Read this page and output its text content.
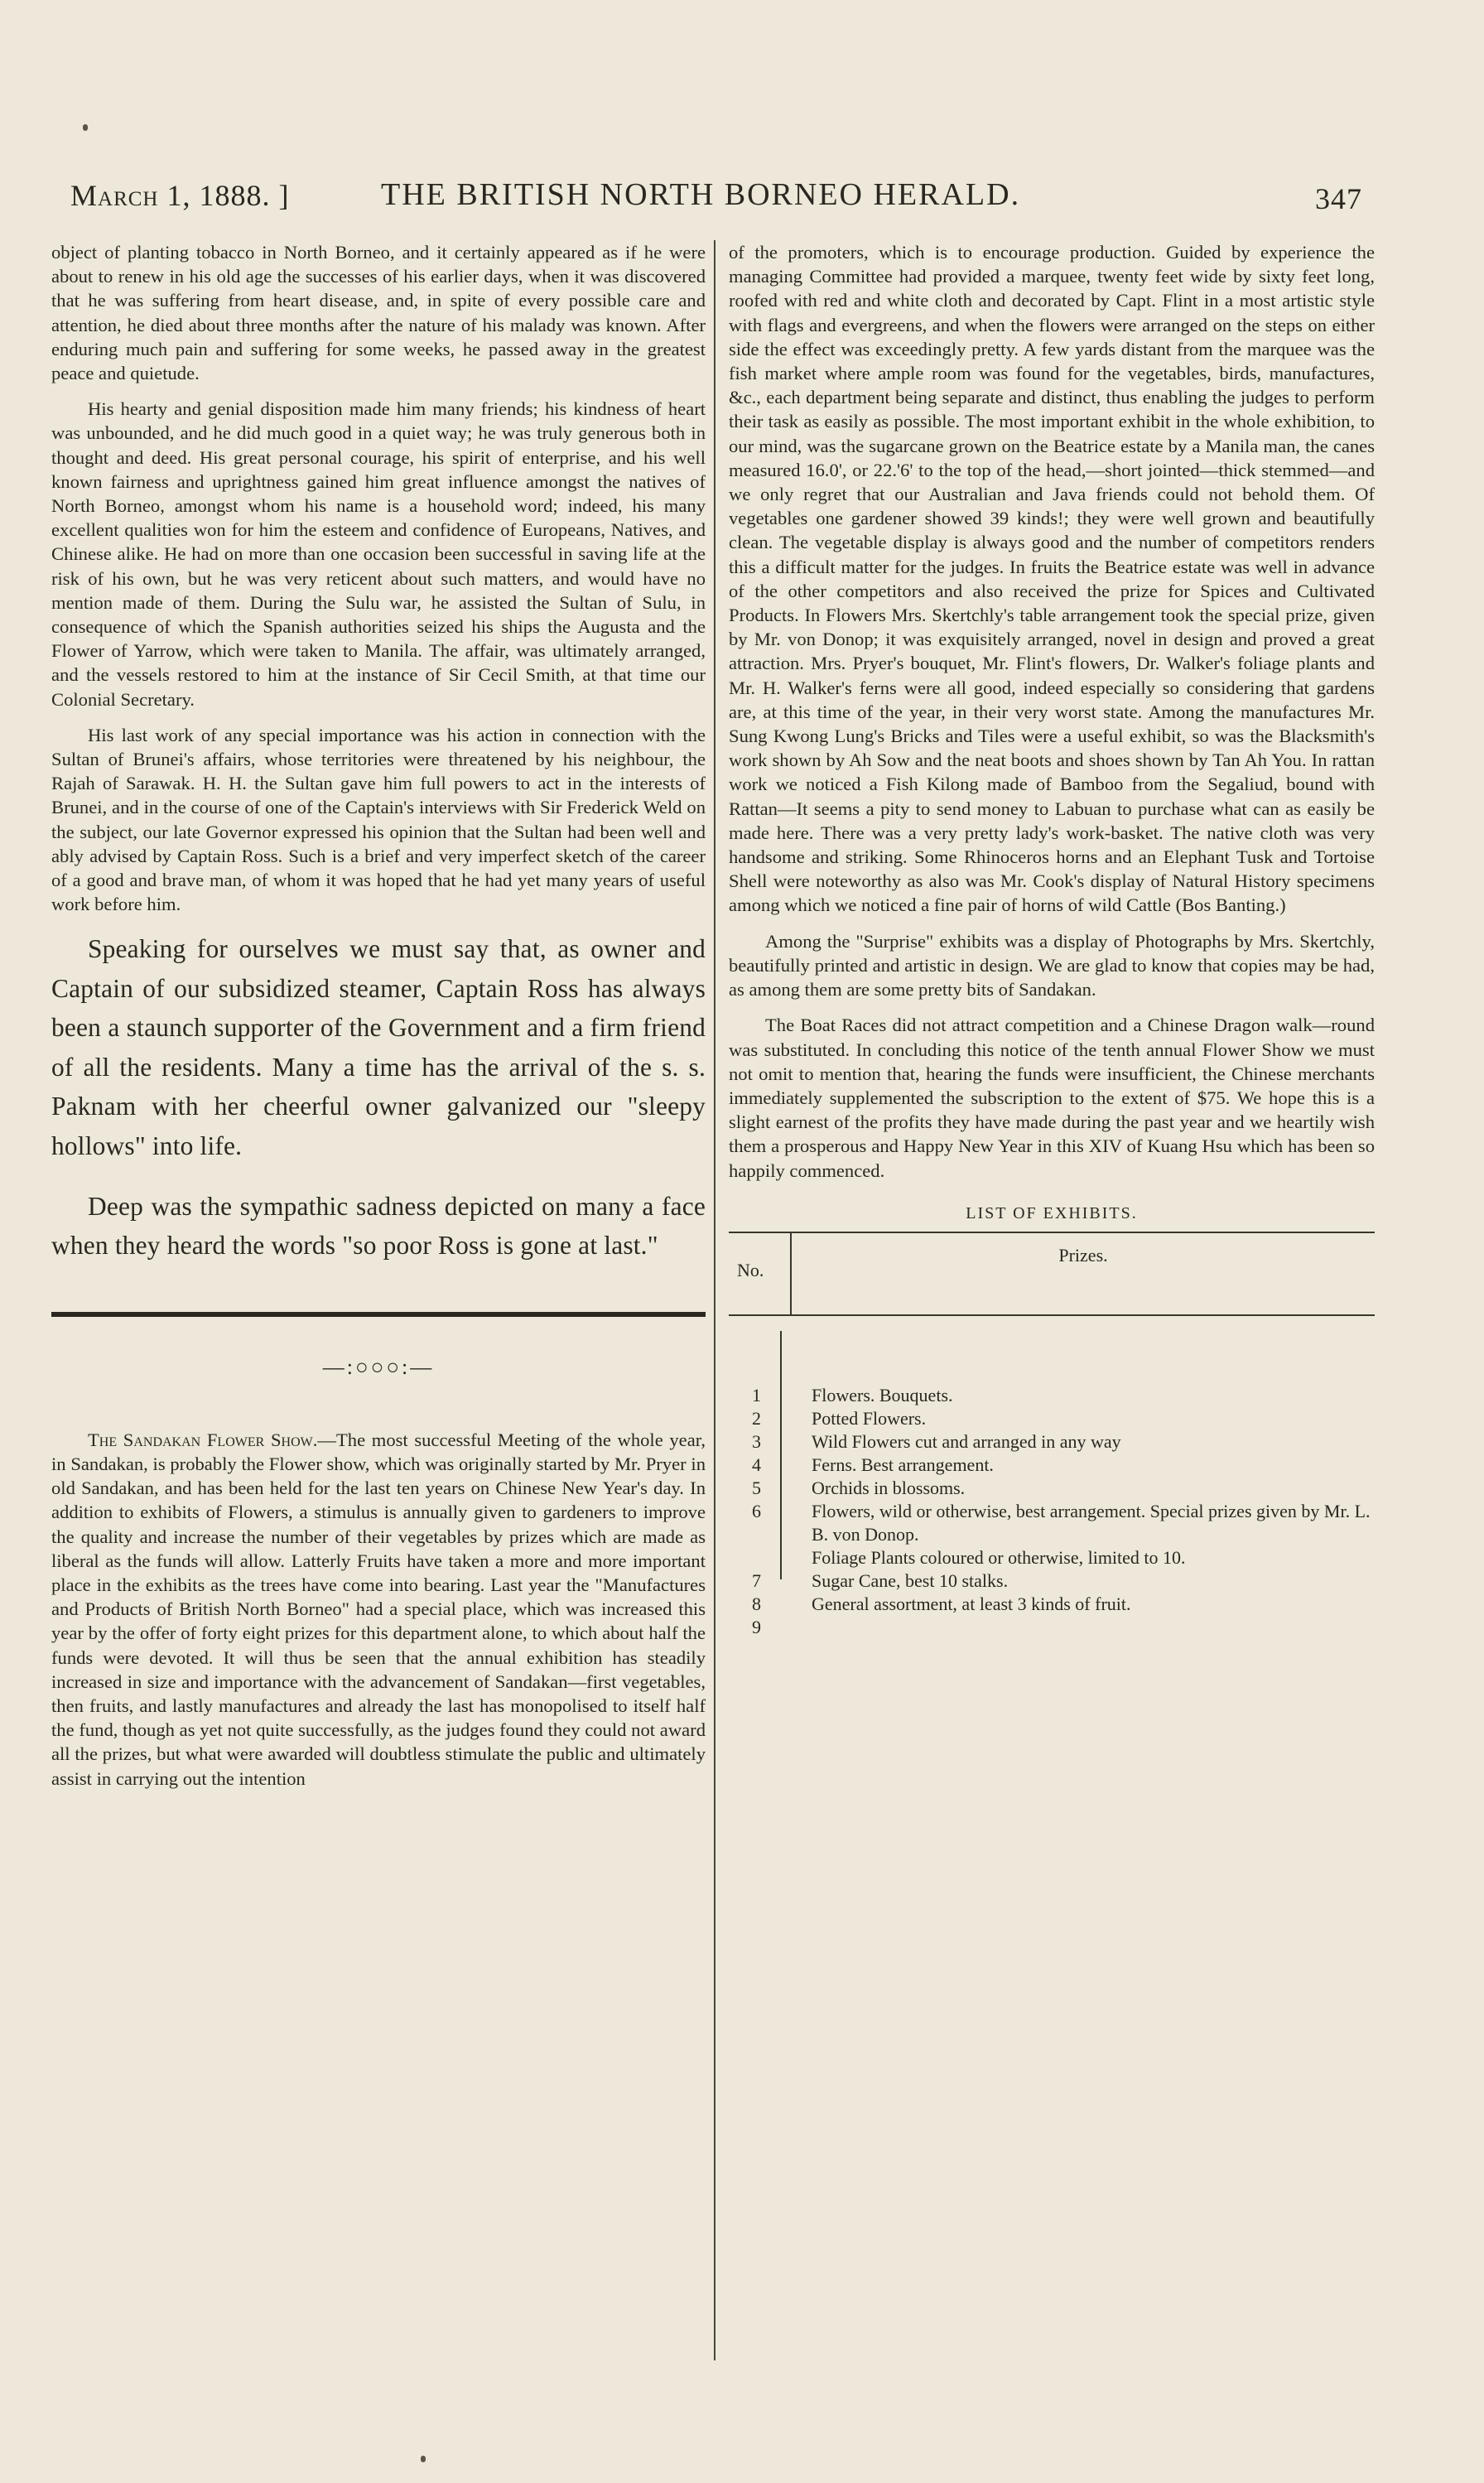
March 1, 1888. ]	THE BRITISH NORTH BORNEO HERALD.	347

object of planting tobacco in North Borneo, and it certainly appeared as if he were about to renew in his old age the successes of his earlier days, when it was discovered that he was suffering from heart disease, and, in spite of every possible care and attention, he died about three months after the nature of his malady was known. After enduring much pain and suffering for some weeks, he passed away in the greatest peace and quietude.

His hearty and genial disposition made him many friends; his kindness of heart was unbounded, and he did much good in a quiet way; he was truly generous both in thought and deed. His great personal courage, his spirit of enterprise, and his well known fairness and uprightness gained him great influence amongst the natives of North Borneo, amongst whom his name is a household word; indeed, his many excellent qualities won for him the esteem and confidence of Europeans, Natives, and Chinese alike. He had on more than one occasion been successful in saving life at the risk of his own, but he was very reticent about such matters, and would have no mention made of them. During the Sulu war, he assisted the Sultan of Sulu, in consequence of which the Spanish authorities seized his ships the Augusta and the Flower of Yarrow, which were taken to Manila. The affair, was ultimately arranged, and the vessels restored to him at the instance of Sir Cecil Smith, at that time our Colonial Secretary.

His last work of any special importance was his action in connection with the Sultan of Brunei's affairs, whose territories were threatened by his neighbour, the Rajah of Sarawak. H. H. the Sultan gave him full powers to act in the interests of Brunei, and in the course of one of the Captain's interviews with Sir Frederick Weld on the subject, our late Governor expressed his opinion that the Sultan had been well and ably advised by Captain Ross. Such is a brief and very imperfect sketch of the career of a good and brave man, of whom it was hoped that he had yet many years of useful work before him.

Speaking for ourselves we must say that, as owner and Captain of our subsidized steamer, Captain Ross has always been a staunch supporter of the Government and a firm friend of all the residents. Many a time has the arrival of the s. s. Paknam with her cheerful owner galvanized our "sleepy hollows" into life.

Deep was the sympathic sadness depicted on many a face when they heard the words "so poor Ross is gone at last."

—:○○○:—

The Sandakan Flower Show.—The most successful Meeting of the whole year, in Sandakan, is probably the Flower show, which was originally started by Mr. Pryer in old Sandakan, and has been held for the last ten years on Chinese New Year's day. In addition to exhibits of Flowers, a stimulus is annually given to gardeners to improve the quality and increase the number of their vegetables by prizes which are made as liberal as the funds will allow. Latterly Fruits have taken a more and more important place in the exhibits as the trees have come into bearing. Last year the "Manufactures and Products of British North Borneo" had a special place, which was increased this year by the offer of forty eight prizes for this department alone, to which about half the funds were devoted. It will thus be seen that the annual exhibition has steadily increased in size and importance with the advancement of Sandakan—first vegetables, then fruits, and lastly manufactures and already the last has monopolised to itself half the fund, though as yet not quite successfully, as the judges found they could not award all the prizes, but what were awarded will doubtless stimulate the public and ultimately assist in carrying out the intention

of the promoters, which is to encourage production. Guided by experience the managing Committee had provided a marquee, twenty feet wide by sixty feet long, roofed with red and white cloth and decorated by Capt. Flint in a most artistic style with flags and evergreens, and when the flowers were arranged on the steps on either side the effect was exceedingly pretty. A few yards distant from the marquee was the fish market where ample room was found for the vegetables, birds, manufactures, &c., each department being separate and distinct, thus enabling the judges to perform their task as easily as possible. The most important exhibit in the whole exhibition, to our mind, was the sugarcane grown on the Beatrice estate by a Manila man, the canes measured 16.0', or 22.'6' to the top of the head,—short jointed—thick stemmed—and we only regret that our Australian and Java friends could not behold them. Of vegetables one gardener showed 39 kinds!; they were well grown and beautifully clean. The vegetable display is always good and the number of competitors renders this a difficult matter for the judges. In fruits the Beatrice estate was well in advance of the other competitors and also received the prize for Spices and Cultivated Products. In Flowers Mrs. Skertchly's table arrangement took the special prize, given by Mr. von Donop; it was exquisitely arranged, novel in design and proved a great attraction. Mrs. Pryer's bouquet, Mr. Flint's flowers, Dr. Walker's foliage plants and Mr. H. Walker's ferns were all good, indeed especially so considering that gardens are, at this time of the year, in their very worst state. Among the manufactures Mr. Sung Kwong Lung's Bricks and Tiles were a useful exhibit, so was the Blacksmith's work shown by Ah Sow and the neat boots and shoes shown by Tan Ah You. In rattan work we noticed a Fish Kilong made of Bamboo from the Segaliud, bound with Rattan—It seems a pity to send money to Labuan to purchase what can as easily be made here. There was a very pretty lady's work-basket. The native cloth was very handsome and striking. Some Rhinoceros horns and an Elephant Tusk and Tortoise Shell were noteworthy as also was Mr. Cook's display of Natural History specimens among which we noticed a fine pair of horns of wild Cattle (Bos Banting.)

Among the "Surprise" exhibits was a display of Photographs by Mrs. Skertchly, beautifully printed and artistic in design. We are glad to know that copies may be had, as among them are some pretty bits of Sandakan.

The Boat Races did not attract competition and a Chinese Dragon walk—round was substituted. In concluding this notice of the tenth annual Flower Show we must not omit to mention that, hearing the funds were insufficient, the Chinese merchants immediately supplemented the subscription to the extent of $75. We hope this is a slight earnest of the profits they have made during the past year and we heartily wish them a prosperous and Happy New Year in this XIV of Kuang Hsu which has been so happily commenced.

LIST OF EXHIBITS.
No.
Prizes.
1
2
3
4
5
6
7
8
9
Flowers. Bouquets.
Potted Flowers.
Wild Flowers cut and arranged in any way
Ferns. Best arrangement.
Orchids in blossoms.
Flowers, wild or otherwise, best arrangement. Special prizes given by Mr. L. B. von Donop.
Foliage Plants coloured or otherwise, limited to 10.
Sugar Cane, best 10 stalks.
General assortment, at least 3 kinds of fruit.
